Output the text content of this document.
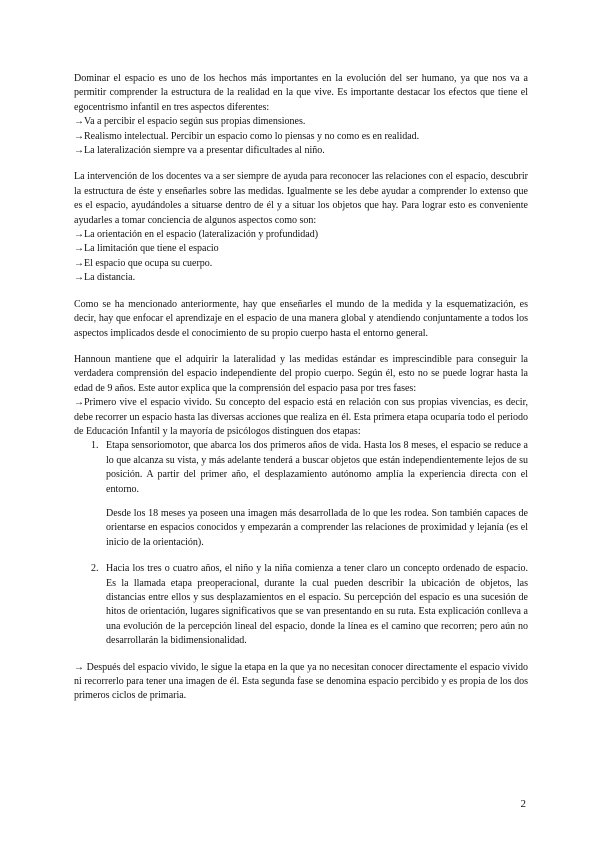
Dominar el espacio es uno de los hechos más importantes en la evolución del ser humano, ya que nos va a permitir comprender la estructura de la realidad en la que vive. Es importante destacar los efectos que tiene el egocentrismo infantil en tres aspectos diferentes:

→Va a percibir el espacio según sus propias dimensiones.

→Realismo intelectual. Percibir un espacio como lo piensas y no como es en realidad.

→La lateralización siempre va a presentar dificultades al niño.

La intervención de los docentes va a ser siempre de ayuda para reconocer las relaciones con el espacio, descubrir la estructura de éste y enseñarles sobre las medidas. Igualmente se les debe ayudar a comprender lo extenso que es el espacio, ayudándoles a situarse dentro de él y a situar los objetos que hay. Para lograr esto es conveniente ayudarles a tomar conciencia de algunos aspectos como son:

→La orientación en el espacio (lateralización y profundidad)

→La limitación que tiene el espacio

→El espacio que ocupa su cuerpo.

→La distancia.

Como se ha mencionado anteriormente, hay que enseñarles el mundo de la medida y la esquematización, es decir, hay que enfocar el aprendizaje en el espacio de una manera global y atendiendo conjuntamente a todos los aspectos implicados desde el conocimiento de su propio cuerpo hasta el entorno general.

Hannoun mantiene que el adquirir la lateralidad y las medidas estándar es imprescindible para conseguir la verdadera comprensión del espacio independiente del propio cuerpo. Según él, esto no se puede lograr hasta la edad de 9 años. Este autor explica que la comprensión del espacio pasa por tres fases:

→Primero vive el espacio vivido. Su concepto del espacio está en relación con sus propias vivencias, es decir, debe recorrer un espacio hasta las diversas acciones que realiza en él. Esta primera etapa ocuparía todo el periodo de Educación Infantil y la mayoría de psicólogos distinguen dos etapas:

1. Etapa sensoriomotor, que abarca los dos primeros años de vida. Hasta los 8 meses, el espacio se reduce a lo que alcanza su vista, y más adelante tenderá a buscar objetos que están independientemente lejos de su posición. A partir del primer año, el desplazamiento autónomo amplía la experiencia directa con el entorno.

Desde los 18 meses ya poseen una imagen más desarrollada de lo que les rodea. Son también capaces de orientarse en espacios conocidos y empezarán a comprender las relaciones de proximidad y lejanía (es el inicio de la orientación).

2. Hacia los tres o cuatro años, el niño y la niña comienza a tener claro un concepto ordenado de espacio. Es la llamada etapa preoperacional, durante la cual pueden describir la ubicación de objetos, las distancias entre ellos y sus desplazamientos en el espacio. Su percepción del espacio es una sucesión de hitos de orientación, lugares significativos que se van presentando en su ruta. Esta explicación conlleva a una evolución de la percepción lineal del espacio, donde la línea es el camino que recorren; pero aún no desarrollarán la bidimensionalidad.

→ Después del espacio vivido, le sigue la etapa en la que ya no necesitan conocer directamente el espacio vivido ni recorrerlo para tener una imagen de él. Esta segunda fase se denomina espacio percibido y es propia de los dos primeros ciclos de primaria.

2
